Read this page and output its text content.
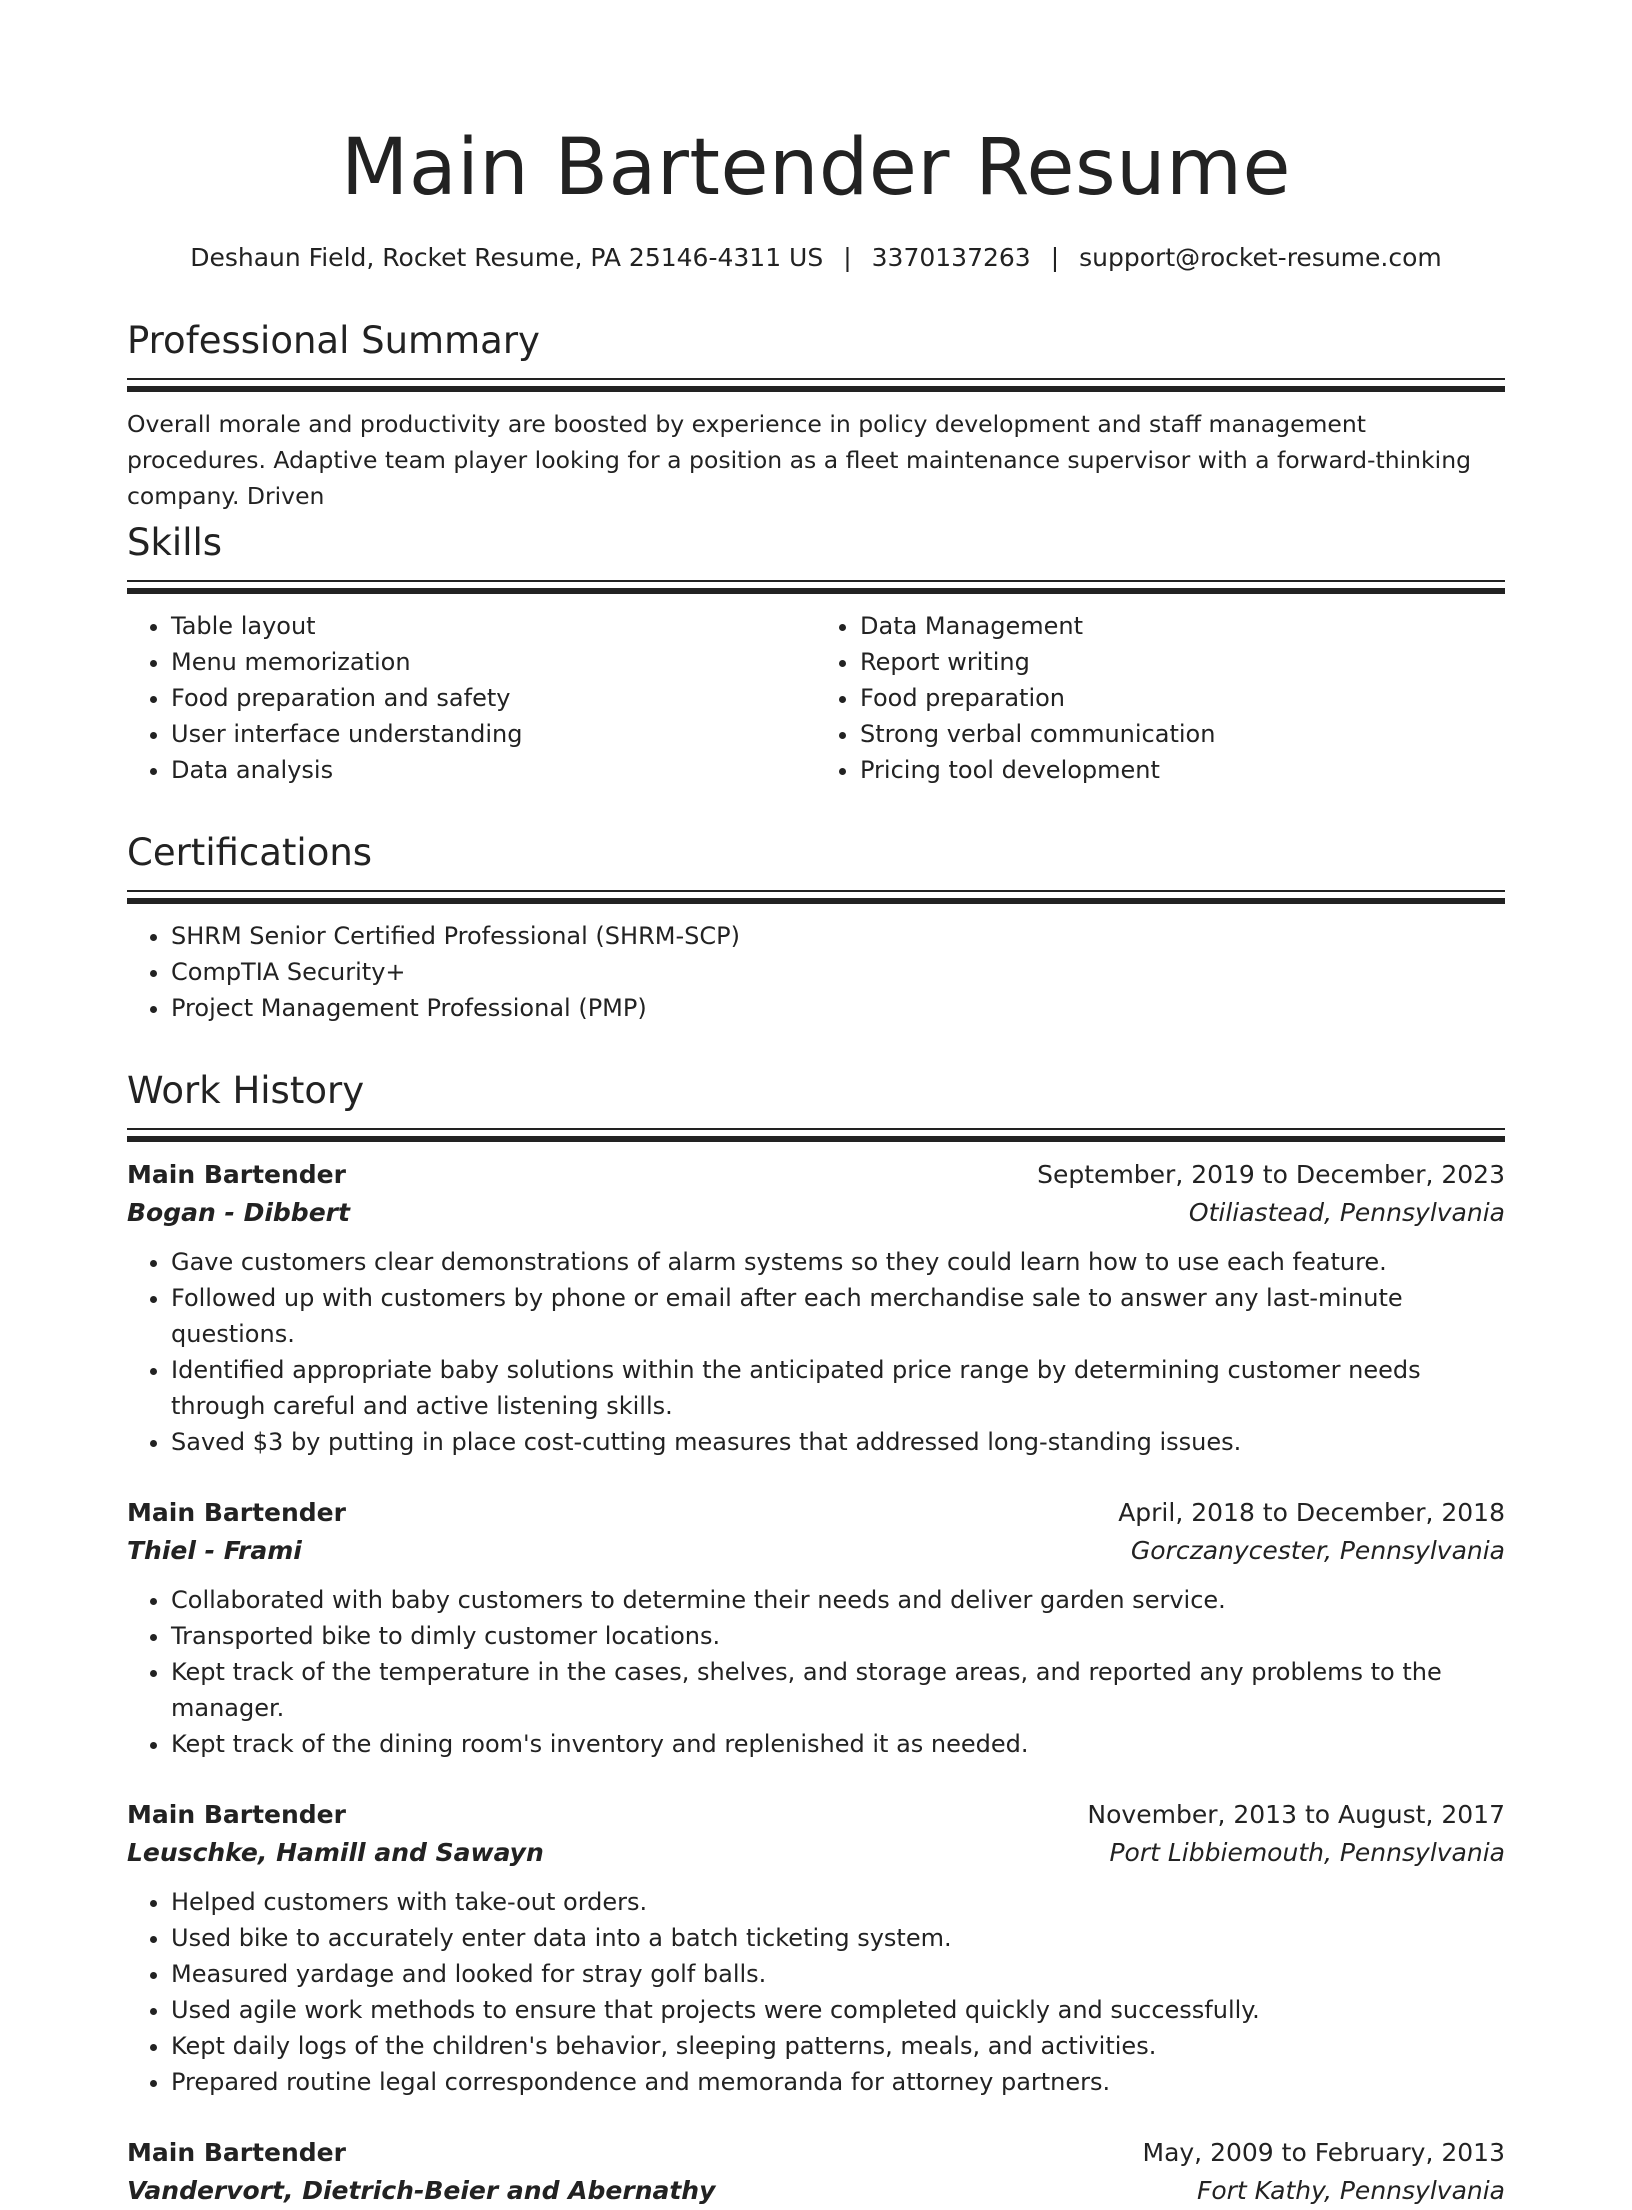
Main Bartender Resume
Deshaun Field, Rocket Resume, PA 25146-4311 US | 3370137263 | support@rocket-resume.com
Professional Summary
Overall morale and productivity are boosted by experience in policy development and staff management procedures. Adaptive team player looking for a position as a fleet maintenance supervisor with a forward-thinking company. Driven
Skills
• Table layout
• Menu memorization
• Food preparation and safety
• User interface understanding
• Data analysis
• Data Management
• Report writing
• Food preparation
• Strong verbal communication
• Pricing tool development
Certifications
• SHRM Senior Certified Professional (SHRM-SCP)
• CompTIA Security+
• Project Management Professional (PMP)
Work History
Main Bartender	September, 2019 to December, 2023
Bogan - Dibbert	Otiliastead, Pennsylvania
• Gave customers clear demonstrations of alarm systems so they could learn how to use each feature.
• Followed up with customers by phone or email after each merchandise sale to answer any last-minute questions.
• Identified appropriate baby solutions within the anticipated price range by determining customer needs through careful and active listening skills.
• Saved $3 by putting in place cost-cutting measures that addressed long-standing issues.
Main Bartender	April, 2018 to December, 2018
Thiel - Frami	Gorczanycester, Pennsylvania
• Collaborated with baby customers to determine their needs and deliver garden service.
• Transported bike to dimly customer locations.
• Kept track of the temperature in the cases, shelves, and storage areas, and reported any problems to the manager.
• Kept track of the dining room's inventory and replenished it as needed.
Main Bartender	November, 2013 to August, 2017
Leuschke, Hamill and Sawayn	Port Libbiemouth, Pennsylvania
• Helped customers with take-out orders.
• Used bike to accurately enter data into a batch ticketing system.
• Measured yardage and looked for stray golf balls.
• Used agile work methods to ensure that projects were completed quickly and successfully.
• Kept daily logs of the children's behavior, sleeping patterns, meals, and activities.
• Prepared routine legal correspondence and memoranda for attorney partners.
Main Bartender	May, 2009 to February, 2013
Vandervort, Dietrich-Beier and Abernathy	Fort Kathy, Pennsylvania
